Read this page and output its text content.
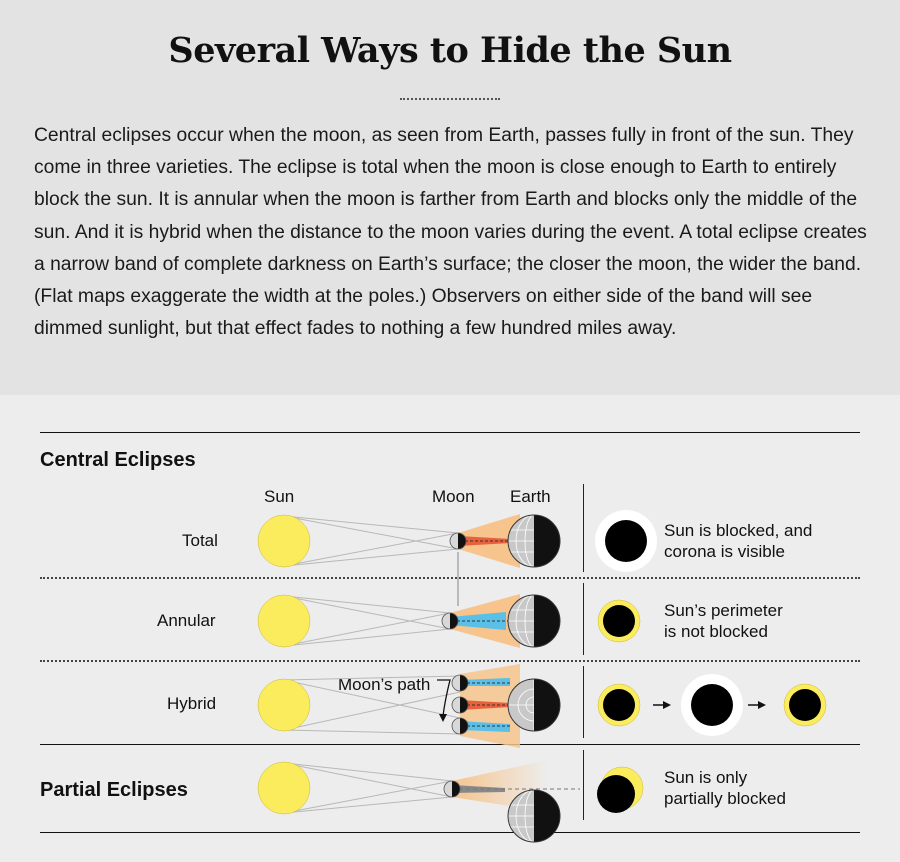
Several Ways to Hide the Sun
Central eclipses occur when the moon, as seen from Earth, passes fully in front of the sun. They come in three varieties. The eclipse is total when the moon is close enough to Earth to entirely block the sun. It is annular when the moon is farther from Earth and blocks only the middle of the sun. And it is hybrid when the distance to the moon varies during the event. A total eclipse creates a narrow band of complete darkness on Earth’s surface; the closer the moon, the wider the band. (Flat maps exaggerate the width at the poles.) Observers on either side of the band will see dimmed sunlight, but that effect fades to nothing a few hundred miles away.
Central Eclipses
Partial Eclipses
Sun	Moon Earth
Total
Annular
Hybrid
Moon’s path
Sun is blocked, and
corona is visible
Sun’s perimeter
is not blocked
Sun is only
partially blocked
